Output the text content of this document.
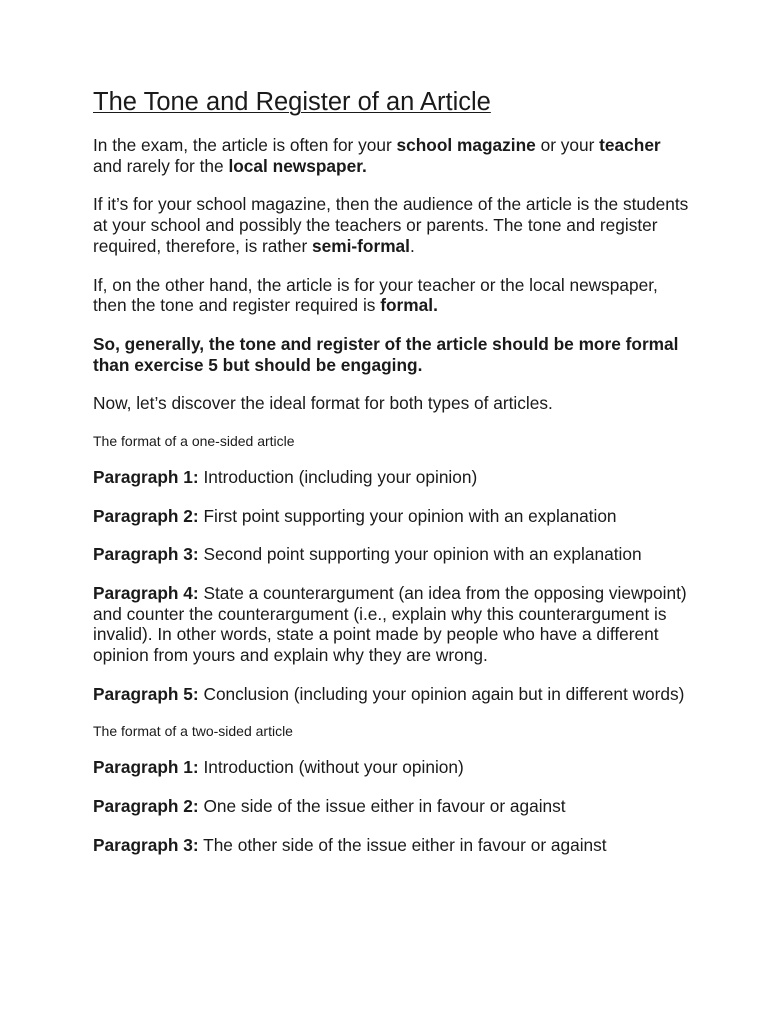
The Tone and Register of an Article

In the exam, the article is often for your school magazine or your teacher and rarely for the local newspaper.

If it’s for your school magazine, then the audience of the article is the students at your school and possibly the teachers or parents. The tone and register required, therefore, is rather semi-formal.

If, on the other hand, the article is for your teacher or the local newspaper, then the tone and register required is formal.

So, generally, the tone and register of the article should be more formal than exercise 5 but should be engaging.

Now, let’s discover the ideal format for both types of articles.

The format of a one-sided article

Paragraph 1: Introduction (including your opinion)

Paragraph 2: First point supporting your opinion with an explanation

Paragraph 3: Second point supporting your opinion with an explanation

Paragraph 4: State a counterargument (an idea from the opposing viewpoint) and counter the counterargument (i.e., explain why this counterargument is invalid). In other words, state a point made by people who have a different opinion from yours and explain why they are wrong.

Paragraph 5: Conclusion (including your opinion again but in different words)

The format of a two-sided article

Paragraph 1: Introduction (without your opinion)

Paragraph 2: One side of the issue either in favour or against

Paragraph 3: The other side of the issue either in favour or against
